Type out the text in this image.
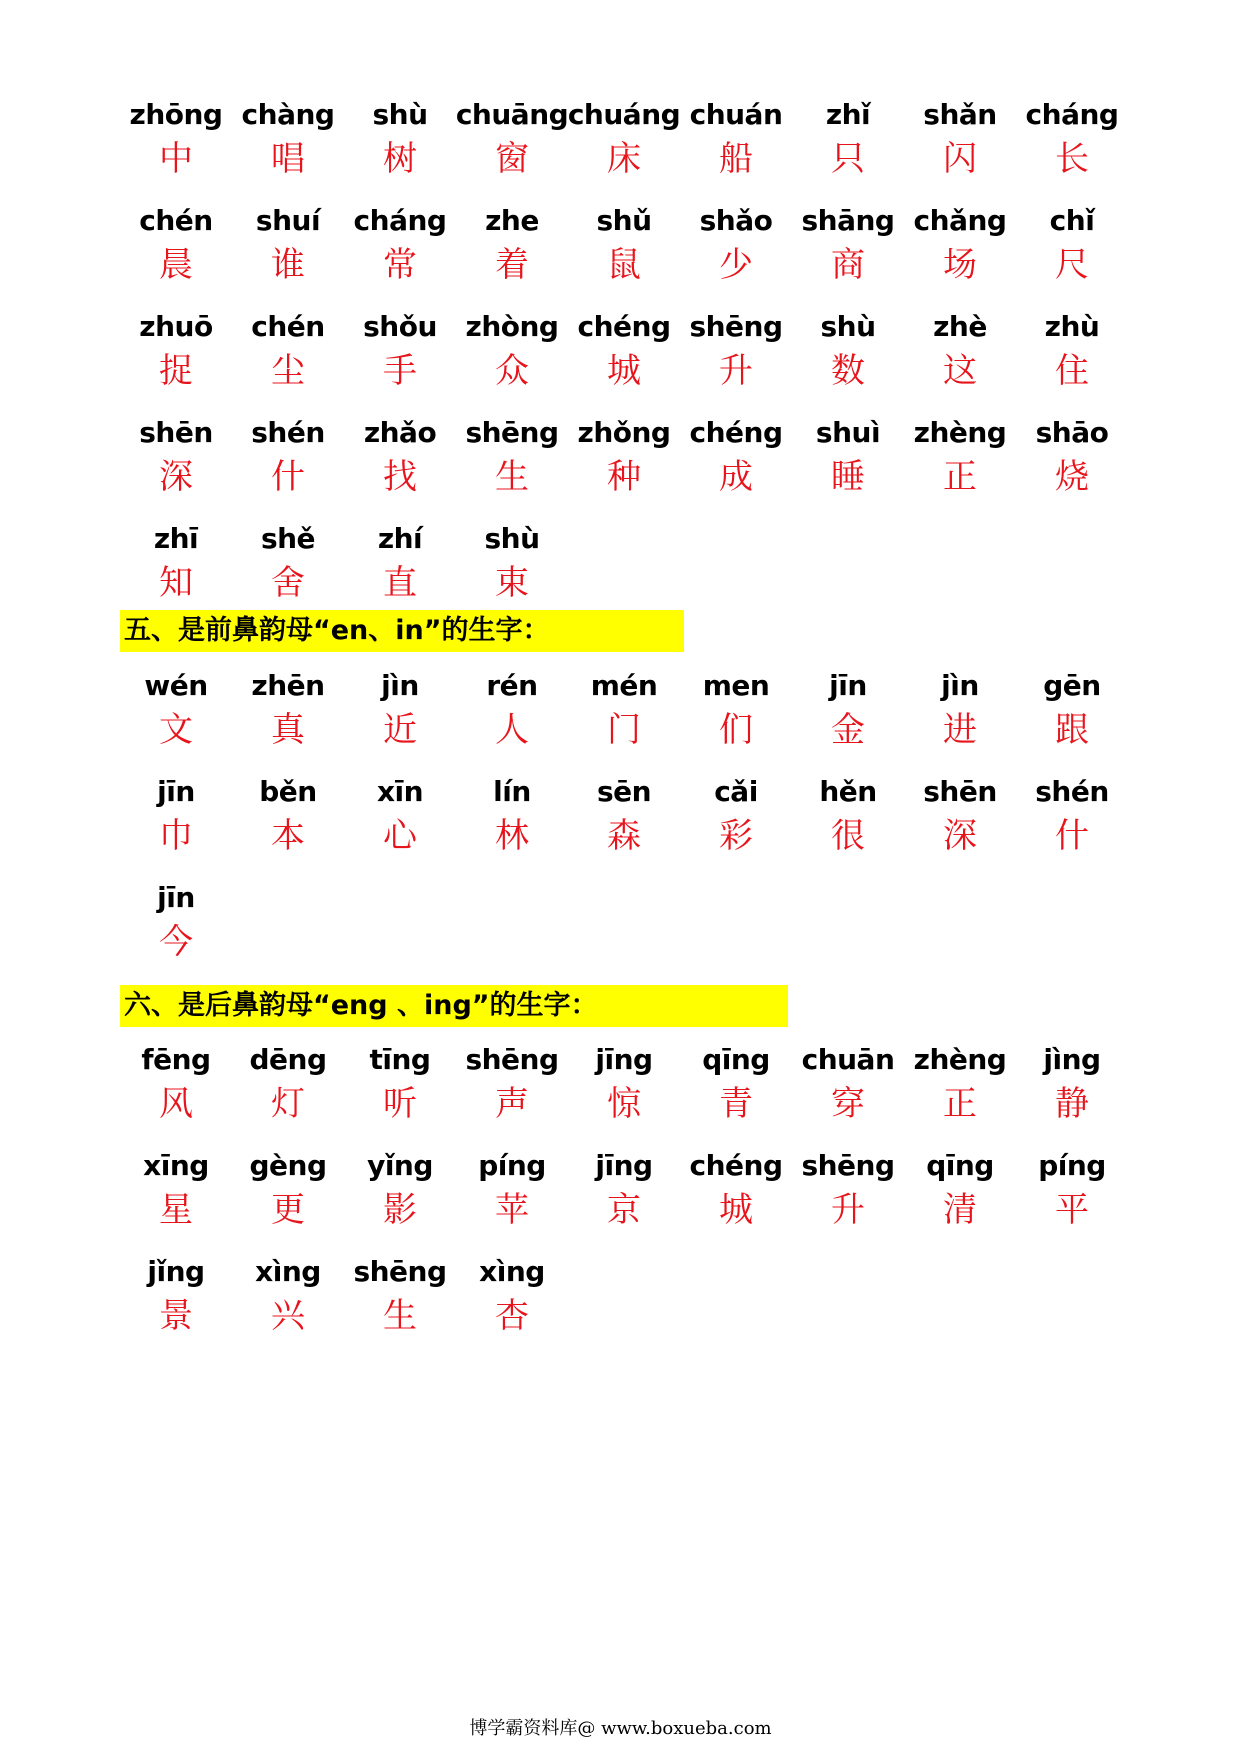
zhōng
中
chàng
唱
shù
树
chuāng
窗
chuáng
床
chuán
船
zhǐ
只
shǎn
闪
cháng
长
chén
晨
shuí
谁
cháng
常
zhe
着
shǔ
鼠
shǎo
少
shāng
商
chǎng
场
chǐ
尺
zhuō
捉
chén
尘
shǒu
手
zhòng
众
chéng
城
shēng
升
shù
数
zhè
这
zhù
住
shēn
深
shén
什
zhǎo
找
shēng
生
zhǒng
种
chéng
成
shuì
睡
zhèng
正
shāo
烧
zhī
知
shě
舍
zhí
直
shù
束
五、是前鼻韵母“en、in”的生字：
wén
文
zhēn
真
jìn
近
rén
人
mén
门
men
们
jīn
金
jìn
进
gēn
跟
jīn
巾
běn
本
xīn
心
lín
林
sēn
森
cǎi
彩
hěn
很
shēn
深
shén
什
jīn
今
六、是后鼻韵母“eng 、ing”的生字：
fēng
风
dēng
灯
tīng
听
shēng
声
jīng
惊
qīng
青
chuān
穿
zhèng
正
jìng
静
xīng
星
gèng
更
yǐng
影
píng
苹
jīng
京
chéng
城
shēng
升
qīng
清
píng
平
jǐng
景
xìng
兴
shēng
生
xìng
杏
博学霸资料库@ www.boxueba.com
